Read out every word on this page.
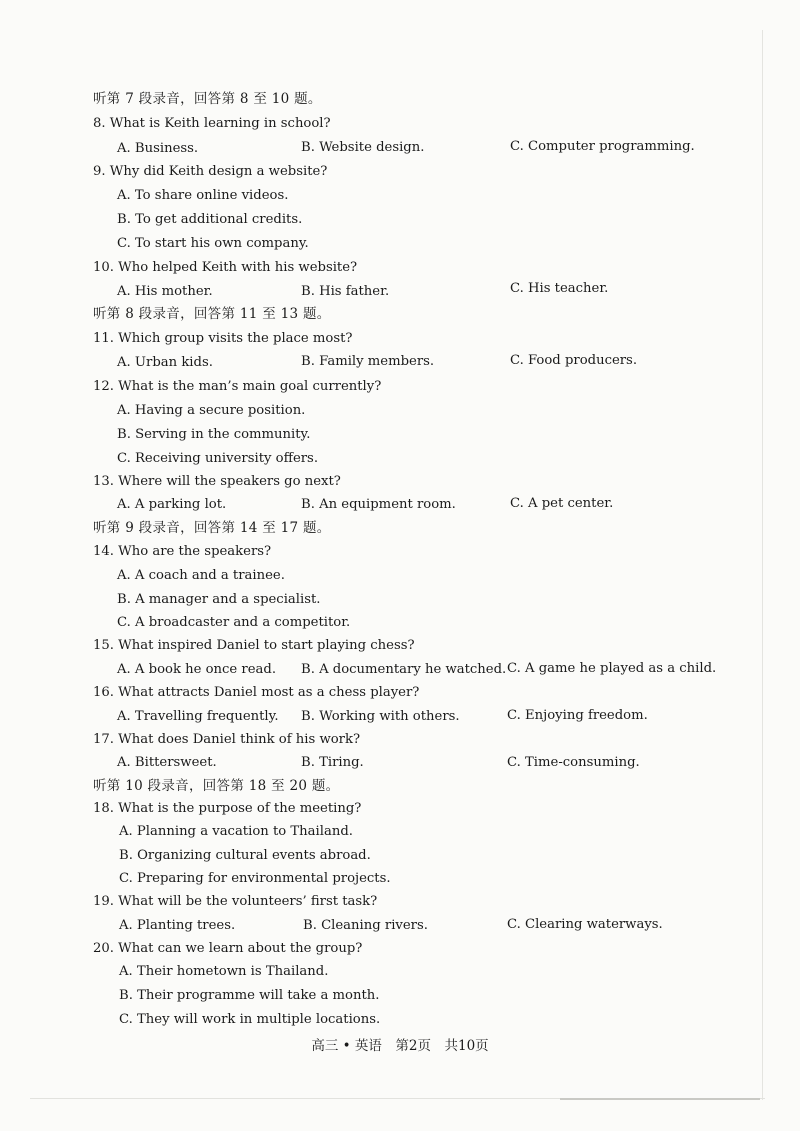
听第 7 段录音，回答第 8 至 10 题。
8. What is Keith learning in school?
A. Business.	B. Website design.	C. Computer programming.
9. Why did Keith design a website?
A. To share online videos.
B. To get additional credits.
C. To start his own company.
10. Who helped Keith with his website?
A. His mother.	B. His father.	C. His teacher.
听第 8 段录音，回答第 11 至 13 题。
11. Which group visits the place most?
A. Urban kids.	B. Family members.	C. Food producers.
12. What is the man’s main goal currently?
A. Having a secure position.
B. Serving in the community.
C. Receiving university offers.
13. Where will the speakers go next?
A. A parking lot.	B. An equipment room.	C. A pet center.
听第 9 段录音，回答第 14 至 17 题。
14. Who are the speakers?
A. A coach and a trainee.
B. A manager and a specialist.
C. A broadcaster and a competitor.
15. What inspired Daniel to start playing chess?
A. A book he once read. B. A documentary he watched. C. A game he played as a child.
16. What attracts Daniel most as a chess player?
A. Travelling frequently. B. Working with others.	C. Enjoying freedom.
17. What does Daniel think of his work?
A. Bittersweet.	B. Tiring.	C. Time-consuming.
听第 10 段录音，回答第 18 至 20 题。
18. What is the purpose of the meeting?
A. Planning a vacation to Thailand.
B. Organizing cultural events abroad.
C. Preparing for environmental projects.
19. What will be the volunteers’ first task?
A. Planting trees.	B. Cleaning rivers.	C. Clearing waterways.
20. What can we learn about the group?
A. Their hometown is Thailand.
B. Their programme will take a month.
C. They will work in multiple locations.
高三 • 英语　第2页　共10页
